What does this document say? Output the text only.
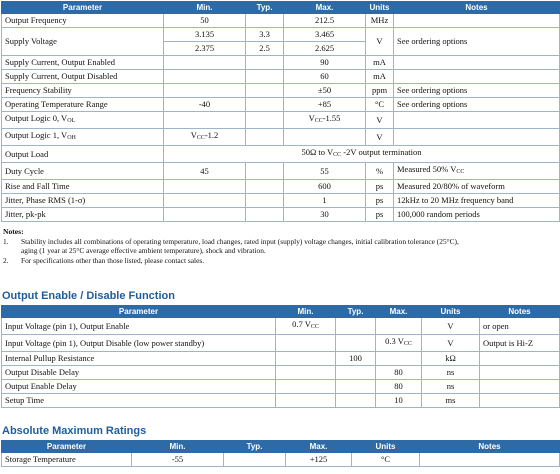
Parameter	Min.	Typ.	Max.	Units	Notes
Output Frequency	50		212.5	MHz	
Supply Voltage	3.135	3.3	3.465	V	See ordering options
	2.375	2.5	2.625		
Supply Current, Output Enabled			90	mA	
Supply Current, Output Disabled			60	mA	
Frequency Stability			±50	ppm	See ordering options
Operating Temperature Range	-40		+85	°C	See ordering options
Output Logic 0, $V_{OL}$			$V_{CC}-1.55$	V	
Output Logic 1, $V_{OH}$	$V_{CC}-1.2$			V	
Output Load	50Ω to $V_{CC}$ -2V output termination				
Duty Cycle	45		55	%	Measured 50% $V_{CC}$
Rise and Fall Time			600	ps	Measured 20/80% of waveform
Jitter, Phase RMS (1-σ)			1	ps	12kHz to 20 MHz frequency band
Jitter, pk-pk			30	ps	100,000 random periods
Notes:
1.	Stability includes all combinations of operating temperature, load changes, rated input (supply) voltage changes, initial calibration tolerance (25°C),
aging (1 year at 25°C average effective ambient temperature), shock and vibration.
2.	For specifications other than those listed, please contact sales.
Output Enable / Disable Function
Parameter	Min.	Typ.	Max.	Units	Notes
Input Voltage (pin 1), Output Enable	0.7 $V_{CC}$			V	or open
Input Voltage (pin 1), Output Disable (low power standby)			0.3 $V_{CC}$	V	Output is Hi-Z
Internal Pullup Resistance		100		kΩ	
Output Disable Delay			80	ns	
Output Enable Delay			80	ns	
Setup Time			10	ms	
Absolute Maximum Ratings
Parameter	Min.	Typ.	Max.	Units	Notes
Storage Temperature	-55		+125	°C	
